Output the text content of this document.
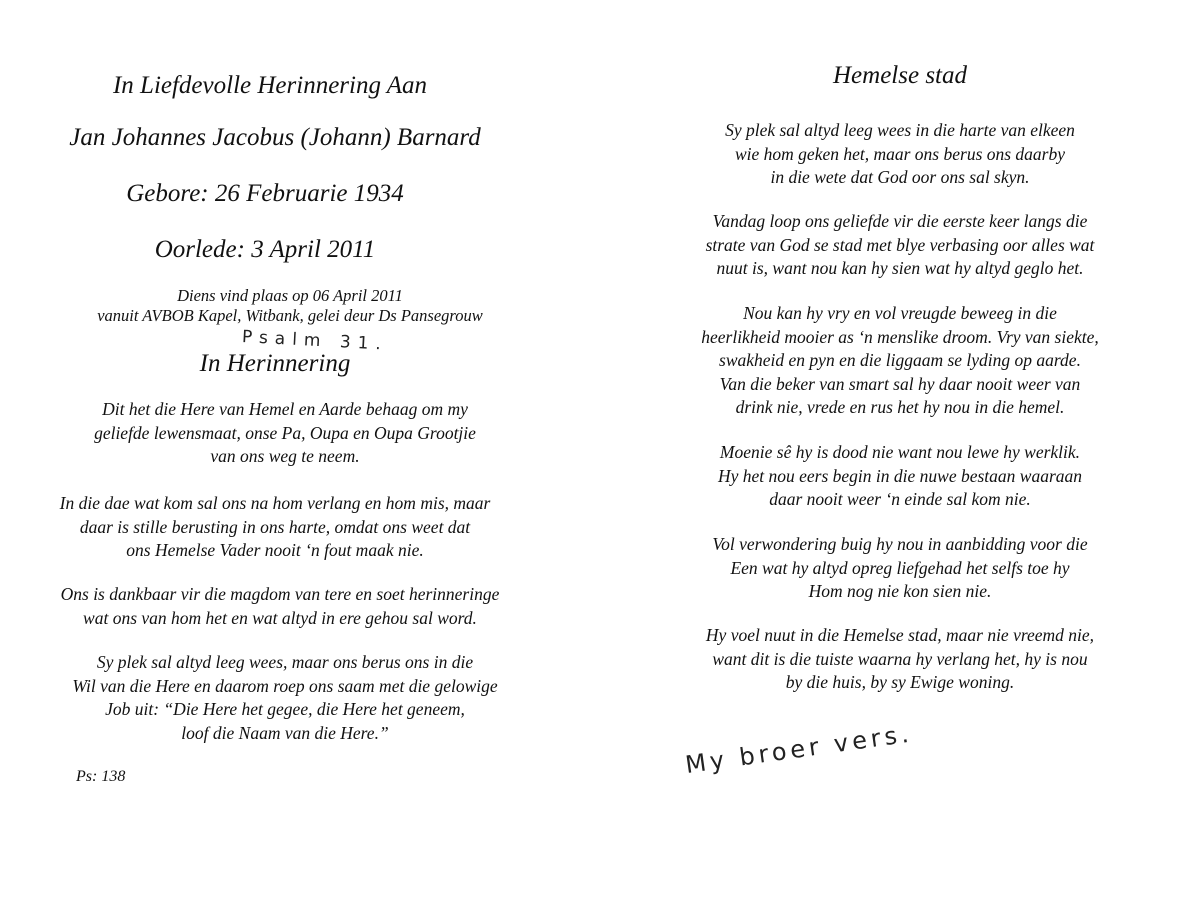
In Liefdevolle Herinnering Aan
Jan Johannes Jacobus (Johann) Barnard
Gebore: 26 Februarie 1934
Oorlede: 3 April 2011
Diens vind plaas op 06 April 2011
vanuit AVBOB Kapel, Witbank, gelei deur Ds Pansegrouw
Psalm 31.
In Herinnering
Dit het die Here van Hemel en Aarde behaag om my
geliefde lewensmaat, onse Pa, Oupa en Oupa Grootjie
van ons weg te neem.
In die dae wat kom sal ons na hom verlang en hom mis, maar
daar is stille berusting in ons harte, omdat ons weet dat
ons Hemelse Vader nooit ‘n fout maak nie.
Ons is dankbaar vir die magdom van tere en soet herinneringe
wat ons van hom het en wat altyd in ere gehou sal word.
Sy plek sal altyd leeg wees, maar ons berus ons in die
Wil van die Here en daarom roep ons saam met die gelowige
Job uit: “Die Here het gegee, die Here het geneem,
loof die Naam van die Here.”
Ps: 138
Hemelse stad
Sy plek sal altyd leeg wees in die harte van elkeen
wie hom geken het, maar ons berus ons daarby
in die wete dat God oor ons sal skyn.
Vandag loop ons geliefde vir die eerste keer langs die
strate van God se stad met blye verbasing oor alles wat
nuut is, want nou kan hy sien wat hy altyd geglo het.
Nou kan hy vry en vol vreugde beweeg in die
heerlikheid mooier as ‘n menslike droom. Vry van siekte,
swakheid en pyn en die liggaam se lyding op aarde.
Van die beker van smart sal hy daar nooit weer van
drink nie, vrede en rus het hy nou in die hemel.
Moenie sê hy is dood nie want nou lewe hy werklik.
Hy het nou eers begin in die nuwe bestaan waaraan
daar nooit weer ‘n einde sal kom nie.
Vol verwondering buig hy nou in aanbidding voor die
Een wat hy altyd opreg liefgehad het selfs toe hy
Hom nog nie kon sien nie.
Hy voel nuut in die Hemelse stad, maar nie vreemd nie,
want dit is die tuiste waarna hy verlang het, hy is nou
by die huis, by sy Ewige woning.
My broer vers.
